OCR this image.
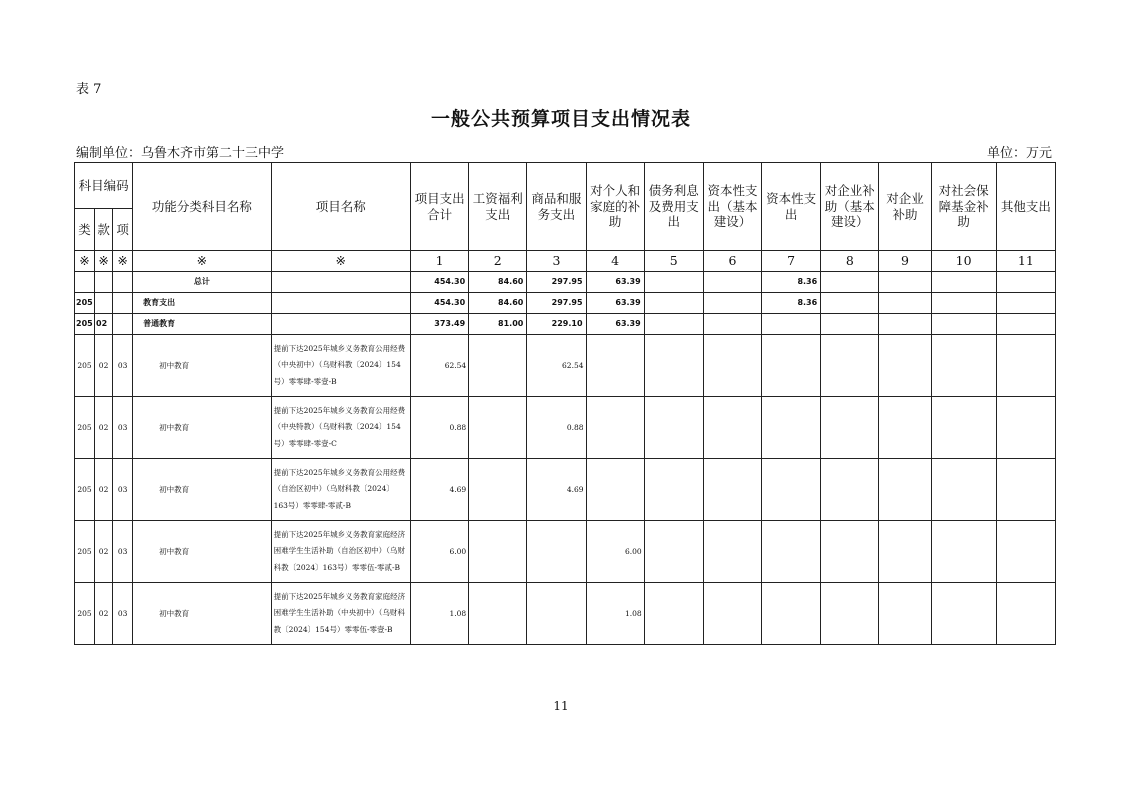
表 7
一般公共预算项目支出情况表
编制单位：乌鲁木齐市第二十三中学	单位：万元
科目编码			功能分类科目名称	项目名称	项目支出合计	工资福利支出	商品和服务支出	对个人和家庭的补助	债务利息及费用支出	资本性支出（基本建设）	资本性支出	对企业补助（基本建设）	对企业补助	对社会保障基金补助	其他支出
类	款	项													
※	※	※	※	※	1	2	3	4	5	6	7	8	9	10	11
			总计		454.30	84.60	297.95	63.39			8.36				
205			教育支出		454.30	84.60	297.95	63.39			8.36				
205	02		普通教育		373.49	81.00	229.10	63.39							
205	02	03	初中教育	提前下达2025年城乡义务教育公用经费（中央初中）（乌财科教〔2024〕154号）零零肆-零壹-B	62.54		62.54								
205	02	03	初中教育	提前下达2025年城乡义务教育公用经费（中央特教）（乌财科教〔2024〕154号）零零肆-零壹-C	0.88		0.88								
205	02	03	初中教育	提前下达2025年城乡义务教育公用经费（自治区初中）（乌财科教〔2024〕163号）零零肆-零贰-B	4.69		4.69								
205	02	03	初中教育	提前下达2025年城乡义务教育家庭经济困难学生生活补助（自治区初中）（乌财科教〔2024〕163号）零零伍-零贰-B	6.00			6.00							
205	02	03	初中教育	提前下达2025年城乡义务教育家庭经济困难学生生活补助（中央初中）（乌财科教〔2024〕154号）零零伍-零壹-B	1.08			1.08							
11
